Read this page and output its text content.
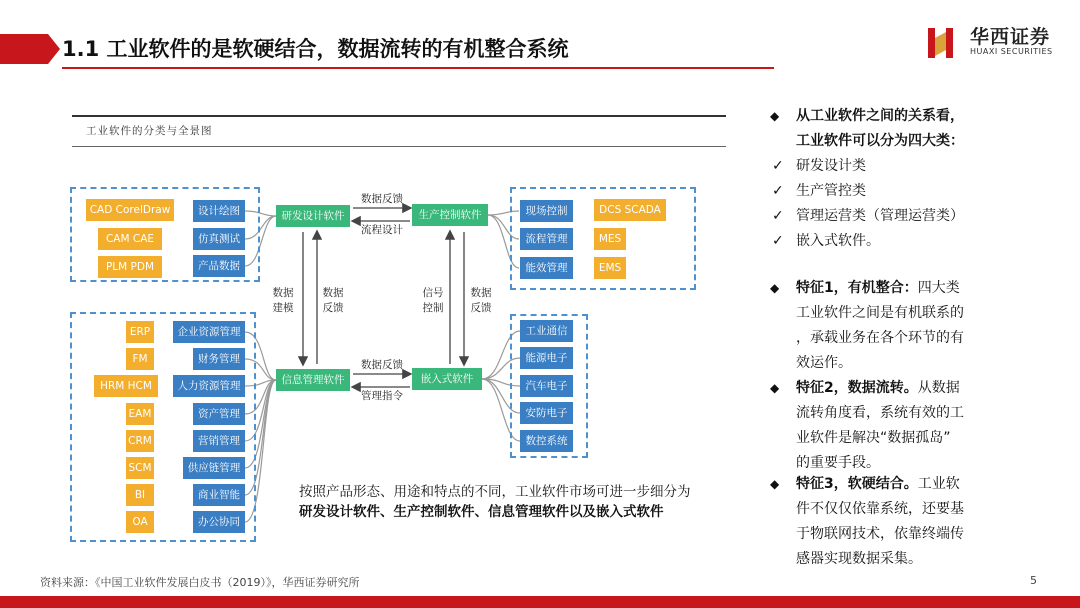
1.1 工业软件的是软硬结合，数据流转的有机整合系统	华西证券
HUAXI SECURITIES
工业软件的分类与全景图
CAD CorelDraw
CAM CAE
PLM PDM
设计绘图
仿真测试
产品数据
研发设计软件	生产控制软件
信息管理软件	嵌入式软件
数据反馈
流程设计
数据反馈
管理指令
数据
建模
数据
反馈
信号
控制
数据
反馈
现场控制
流程管理
能效管理
DCS SCADA
MES
EMS
ERP
FM
HRM HCM
EAM
CRM
SCM
BI
OA
企业资源管理
财务管理
人力资源管理
资产管理
营销管理
供应链管理
商业智能
办公协同
工业通信
能源电子
汽车电子
安防电子
数控系统
按照产品形态、用途和特点的不同，工业软件市场可进一步细分为
研发设计软件、生产控制软件、信息管理软件以及嵌入式软件
◆	从工业软件之间的关系看，
工业软件可以分为四大类：
✓ 研发设计类
✓ 生产管控类
✓ 管理运营类（管理运营类）
✓ 嵌入式软件。
◆	特征1，有机整合：四大类
工业软件之间是有机联系的
，承载业务在各个环节的有
效运作。
◆	特征2，数据流转。从数据
流转角度看，系统有效的工
业软件是解决“数据孤岛”
的重要手段。
◆	特征3，软硬结合。工业软
件不仅仅依靠系统，还要基
于物联网技术，依靠终端传
感器实现数据采集。
资料来源：《中国工业软件发展白皮书（2019）》，华西证券研究所	5
